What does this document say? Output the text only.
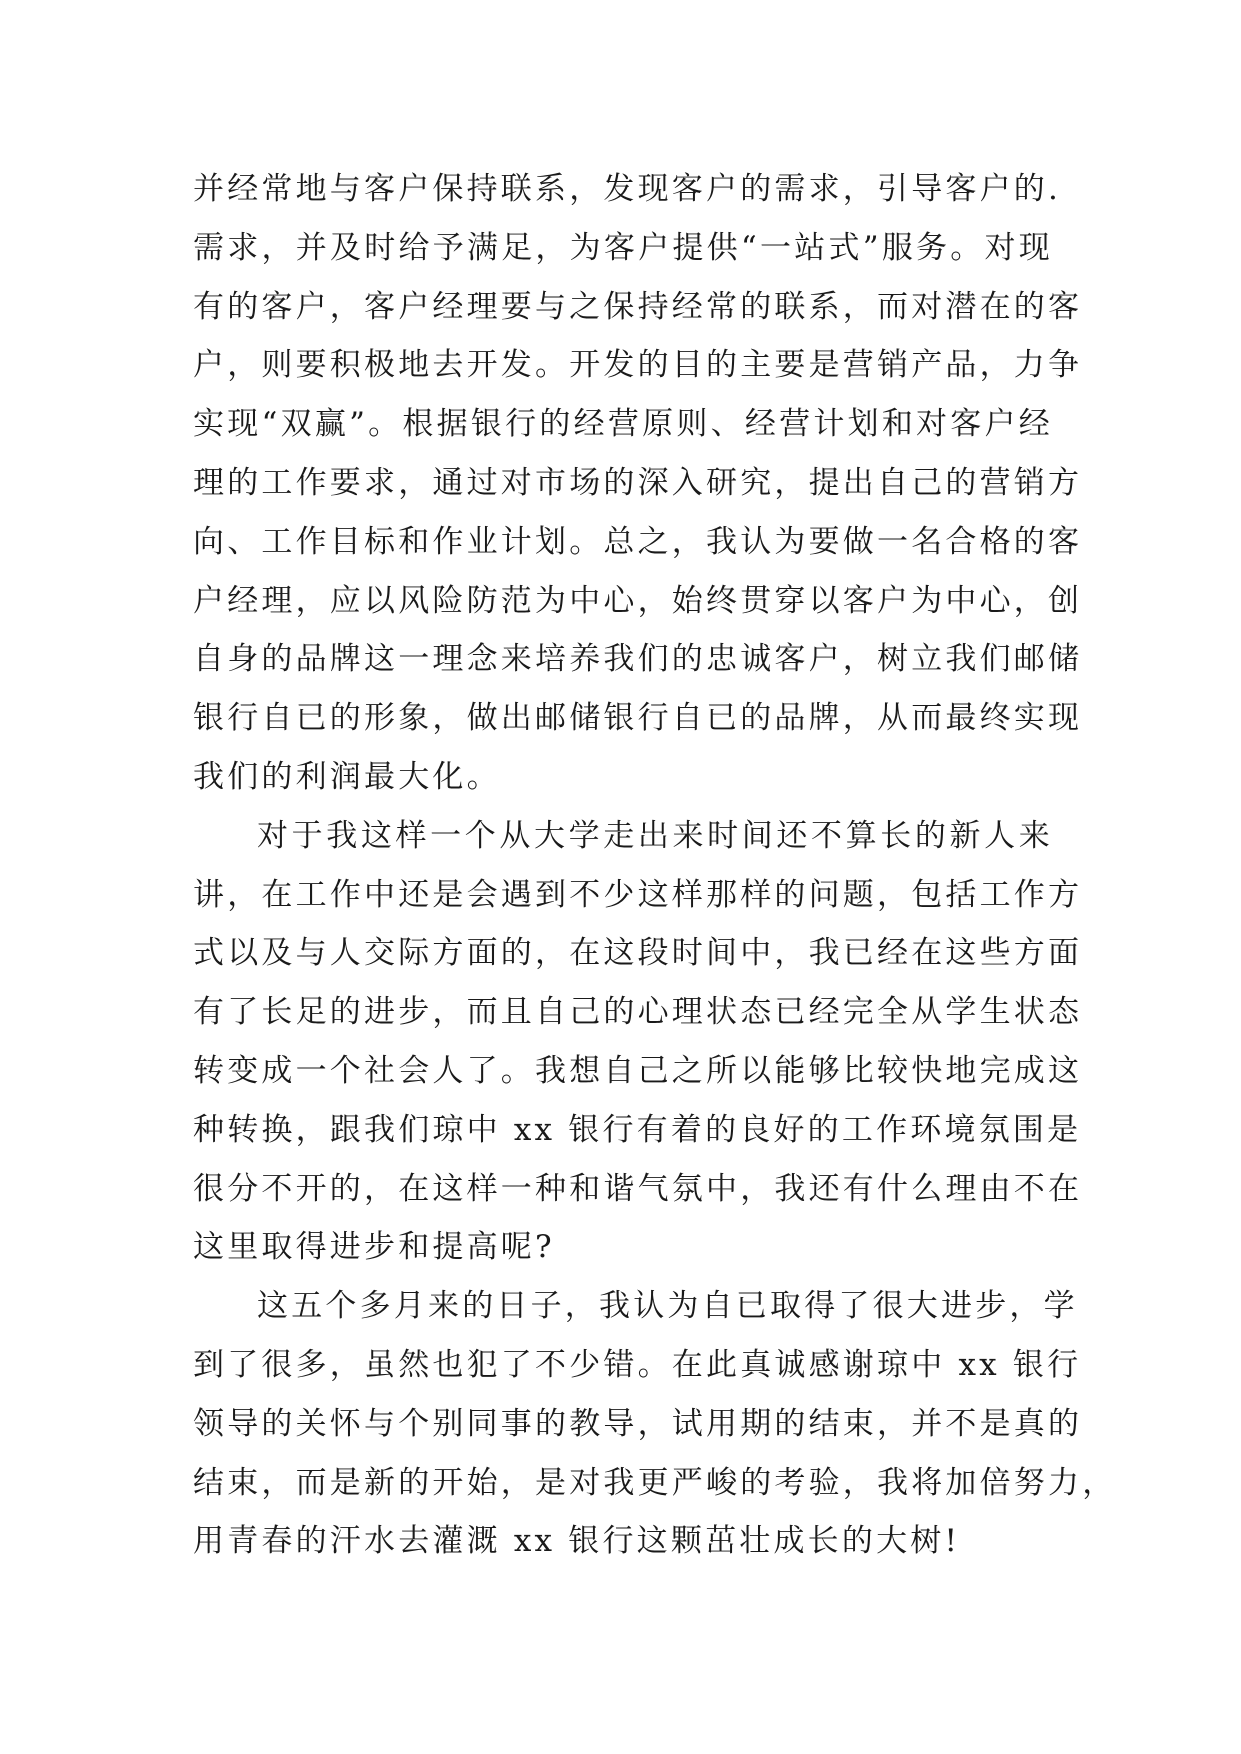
并经常地与客户保持联系，发现客户的需求，引导客户的.
需求，并及时给予满足，为客户提供“一站式”服务。对现
有的客户，客户经理要与之保持经常的联系，而对潜在的客
户，则要积极地去开发。开发的目的主要是营销产品，力争
实现“双赢”。根据银行的经营原则、经营计划和对客户经
理的工作要求，通过对市场的深入研究，提出自己的营销方
向、工作目标和作业计划。总之，我认为要做一名合格的客
户经理，应以风险防范为中心，始终贯穿以客户为中心，创
自身的品牌这一理念来培养我们的忠诚客户，树立我们邮储
银行自已的形象，做出邮储银行自已的品牌，从而最终实现
我们的利润最大化。
对于我这样一个从大学走出来时间还不算长的新人来
讲，在工作中还是会遇到不少这样那样的问题，包括工作方
式以及与人交际方面的，在这段时间中，我已经在这些方面
有了长足的进步，而且自己的心理状态已经完全从学生状态
转变成一个社会人了。我想自己之所以能够比较快地完成这
种转换，跟我们琼中 xx 银行有着的良好的工作环境氛围是
很分不开的，在这样一种和谐气氛中，我还有什么理由不在
这里取得进步和提高呢?
这五个多月来的日子，我认为自已取得了很大进步，学
到了很多，虽然也犯了不少错。在此真诚感谢琼中 xx 银行
领导的关怀与个别同事的教导，试用期的结束，并不是真的
结束，而是新的开始，是对我更严峻的考验，我将加倍努力，
用青春的汗水去灌溉 xx 银行这颗茁壮成长的大树!
